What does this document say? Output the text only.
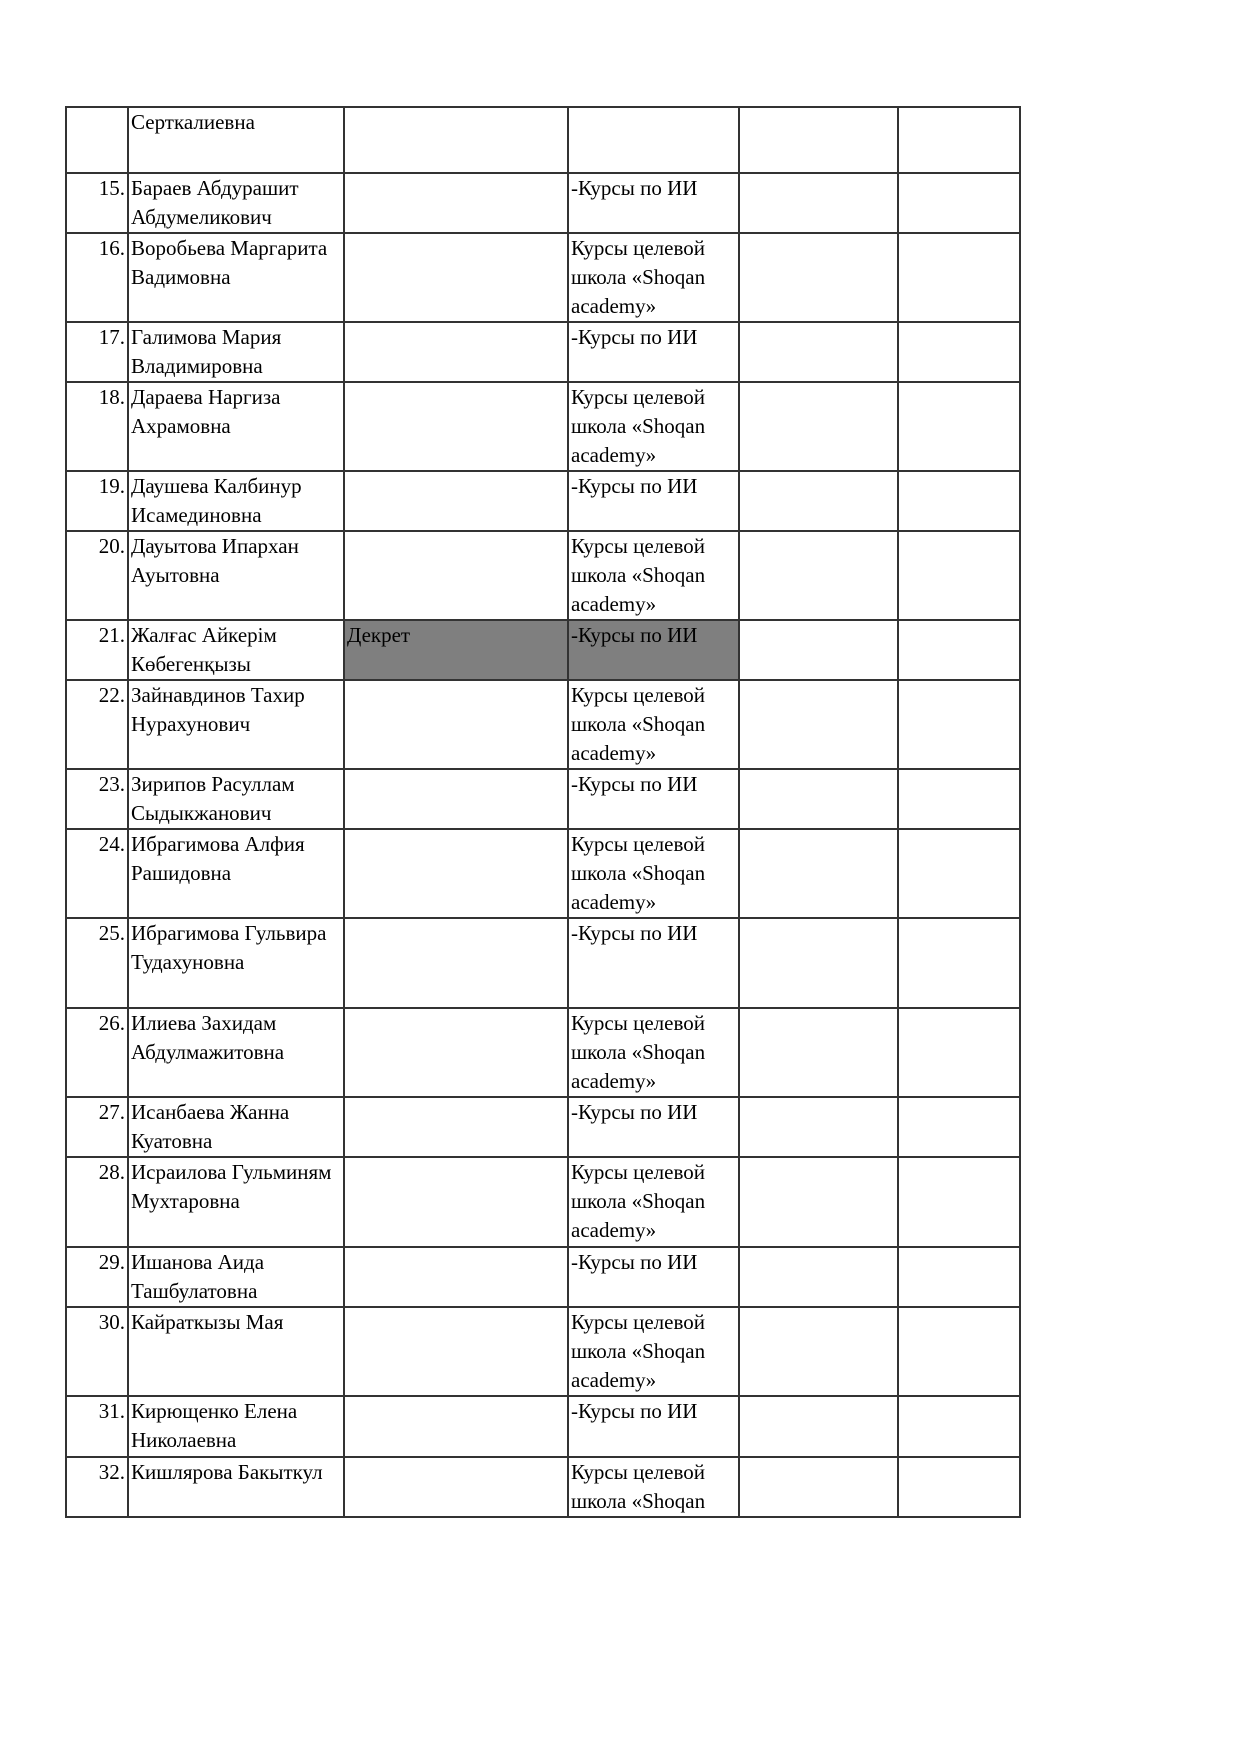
	Серткалиевна				
15.	Бараев Абдурашит Абдумеликович		-Курсы по ИИ		
16.	Воробьева Маргарита Вадимовна		Курсы целевой школа «Shoqan academy»		
17.	Галимова Мария Владимировна		-Курсы по ИИ		
18.	Дараева Наргиза Ахрамовна		Курсы целевой школа «Shoqan academy»		
19.	Даушева Калбинур Исамединовна		-Курсы по ИИ		
20.	Дауытова Ипархан Ауытовна		Курсы целевой школа «Shoqan academy»		
21.	Жалғас Айкерім Көбегенқызы	Декрет	-Курсы по ИИ		
22.	Зайнавдинов Тахир Нурахунович		Курсы целевой школа «Shoqan academy»		
23.	Зирипов Расуллам Сыдыкжанович		-Курсы по ИИ		
24.	Ибрагимова Алфия Рашидовна		Курсы целевой школа «Shoqan academy»		
25.	Ибрагимова Гульвира Тудахуновна		-Курсы по ИИ		
26.	Илиева Захидам Абдулмажитовна		Курсы целевой школа «Shoqan academy»		
27.	Исанбаева Жанна Куатовна		-Курсы по ИИ		
28.	Исраилова Гульминям Мухтаровна		Курсы целевой школа «Shoqan academy»		
29.	Ишанова Аида Ташбулатовна		-Курсы по ИИ		
30.	Кайраткызы Мая		Курсы целевой школа «Shoqan academy»		
31.	Кирющенко Елена Николаевна		-Курсы по ИИ		
32.	Кишлярова Бакыткул		Курсы целевой школа «Shoqan		
